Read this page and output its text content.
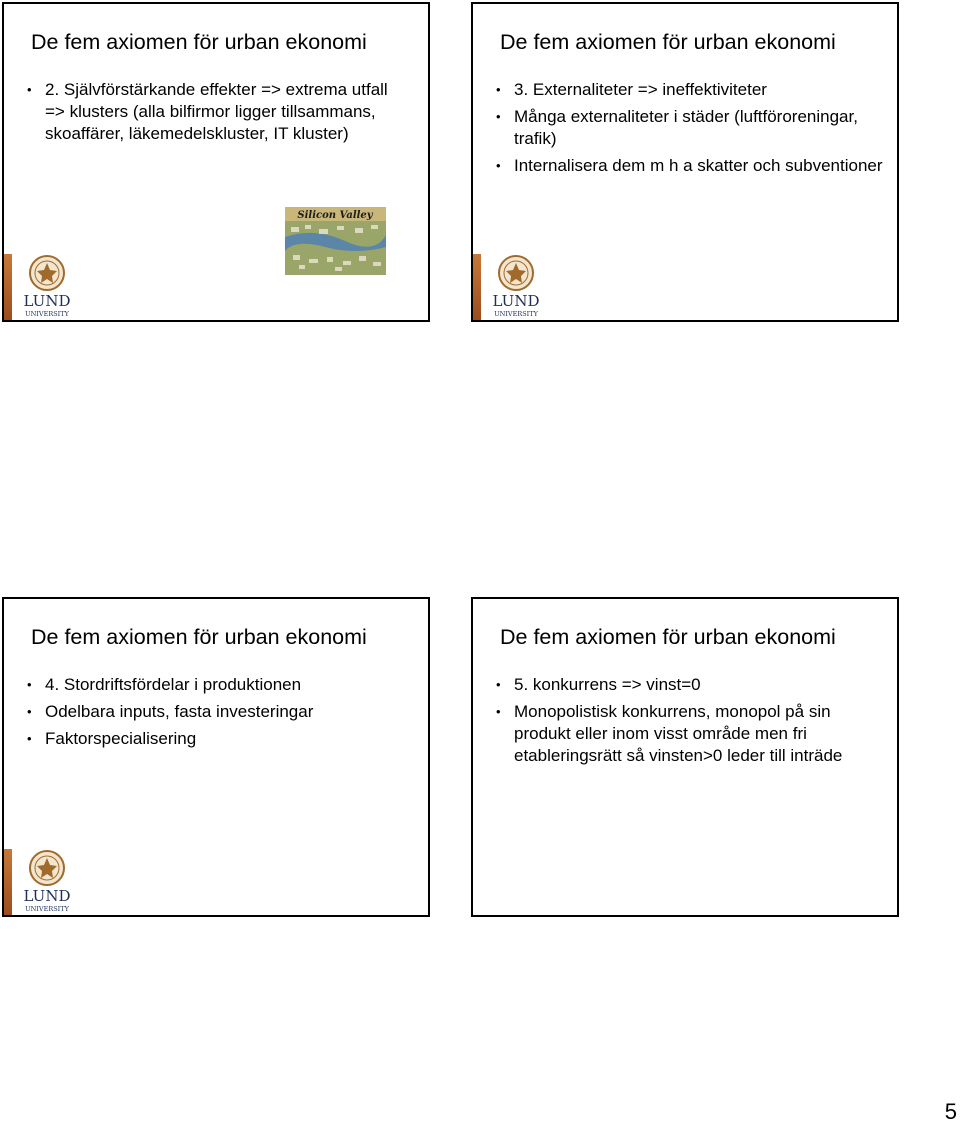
De fem axiomen för urban ekonomi
• 2. Självförstärkande effekter => extrema utfall => klusters (alla bilfirmor ligger tillsammans, skoaffärer, läkemedelskluster, IT kluster)
Silicon Valley
LUND
UNIVERSITY
De fem axiomen för urban ekonomi
• 3. Externaliteter => ineffektiviteter
• Många externaliteter i städer (luftföroreningar, trafik)
• Internalisera dem m h a skatter och subventioner
LUND
UNIVERSITY
De fem axiomen för urban ekonomi
• 4. Stordriftsfördelar i produktionen
• Odelbara inputs, fasta investeringar
• Faktorspecialisering
LUND
UNIVERSITY
De fem axiomen för urban ekonomi
• 5. konkurrens => vinst=0
• Monopolistisk konkurrens, monopol på sin produkt eller inom visst område men fri etableringsrätt så vinsten>0 leder till inträde
5
